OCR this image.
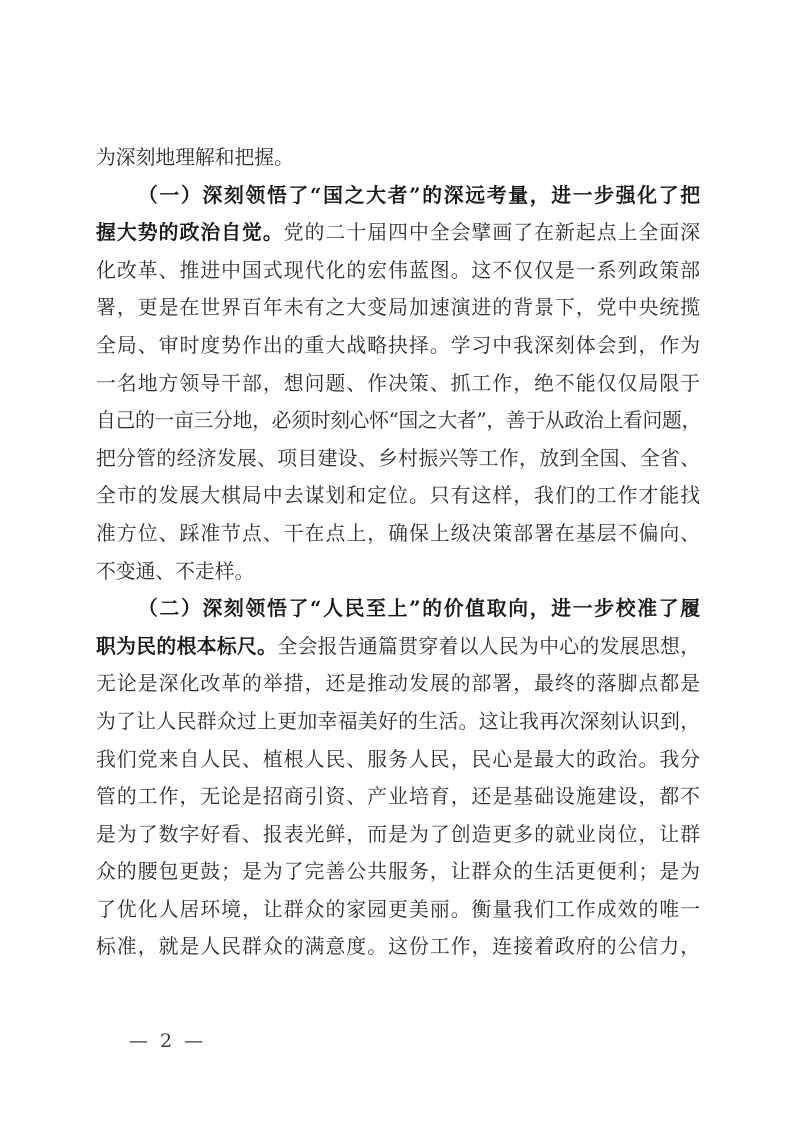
为深刻地理解和把握。
（一）深刻领悟了“国之大者”的深远考量，进一步强化了把
握大势的政治自觉。党的二十届四中全会擘画了在新起点上全面深
化改革、推进中国式现代化的宏伟蓝图。这不仅仅是一系列政策部
署，更是在世界百年未有之大变局加速演进的背景下，党中央统揽
全局、审时度势作出的重大战略抉择。学习中我深刻体会到，作为
一名地方领导干部，想问题、作决策、抓工作，绝不能仅仅局限于
自己的一亩三分地，必须时刻心怀“国之大者”，善于从政治上看问题，
把分管的经济发展、项目建设、乡村振兴等工作，放到全国、全省、
全市的发展大棋局中去谋划和定位。只有这样，我们的工作才能找
准方位、踩准节点、干在点上，确保上级决策部署在基层不偏向、
不变通、不走样。
（二）深刻领悟了“人民至上”的价值取向，进一步校准了履
职为民的根本标尺。全会报告通篇贯穿着以人民为中心的发展思想，
无论是深化改革的举措，还是推动发展的部署，最终的落脚点都是
为了让人民群众过上更加幸福美好的生活。这让我再次深刻认识到，
我们党来自人民、植根人民、服务人民，民心是最大的政治。我分
管的工作，无论是招商引资、产业培育，还是基础设施建设，都不
是为了数字好看、报表光鲜，而是为了创造更多的就业岗位，让群
众的腰包更鼓；是为了完善公共服务，让群众的生活更便利；是为
了优化人居环境，让群众的家园更美丽。衡量我们工作成效的唯一
标准，就是人民群众的满意度。这份工作，连接着政府的公信力，
— 2 —
